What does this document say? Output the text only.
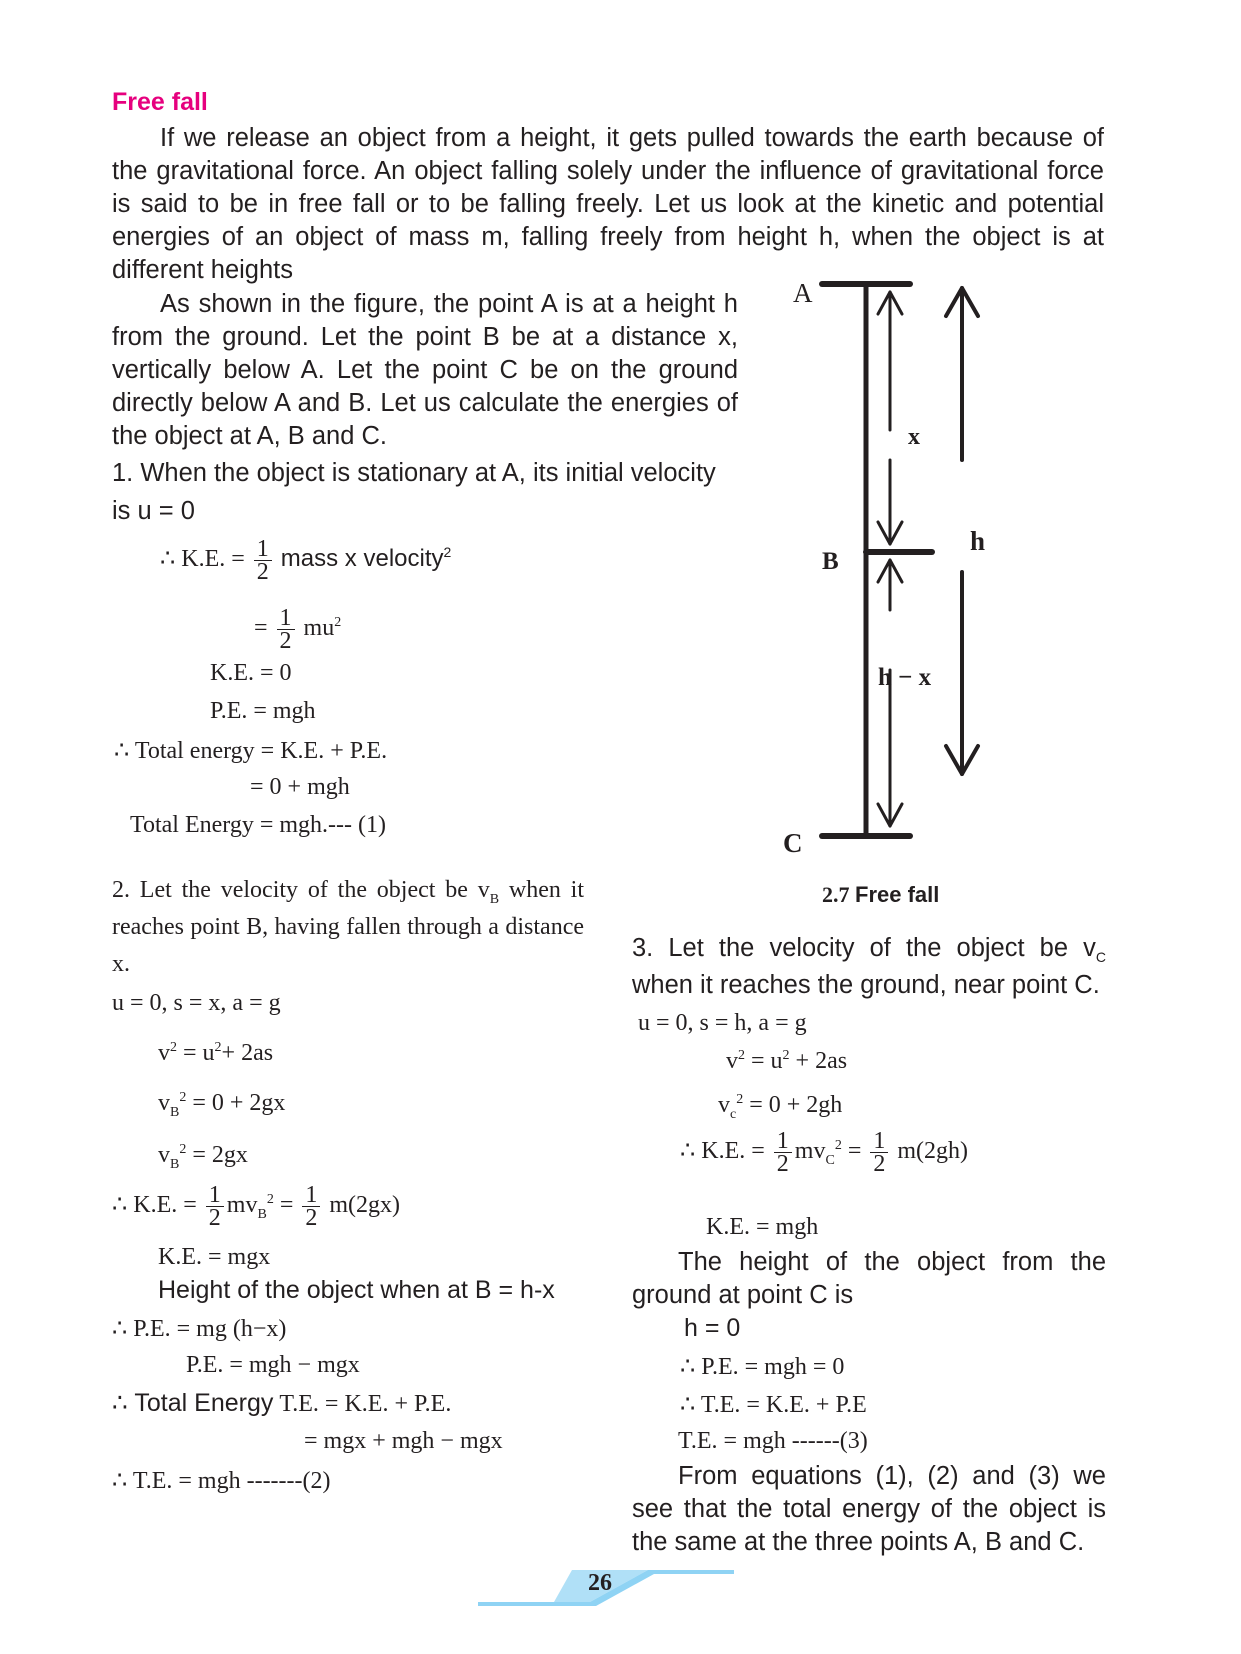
Free fall
If we release an object from a height, it gets pulled towards the earth because of the gravitational force. An object falling solely under the influence of gravitational force is said to be in free fall or to be falling freely. Let us look at the kinetic and potential energies of an object of mass m, falling freely from height h, when the object is at different heights
As shown in the figure, the point A is at a height h from the ground. Let the point B be at a distance x, vertically below A. Let the point C be on the ground directly below A and B. Let us calculate the energies of the object at A, B and C.
1. When the object is stationary at A, its initial velocity is u = 0
∴ K.E. = $\frac{1}{2}$ mass x velocity$^2$
= $\frac{1}{2} mu^2$
K.E. = 0
P.E. = mgh
∴ Total energy = K.E. + P.E.
= 0 + mgh
Total Energy = mgh.--- (1)
2. Let the velocity of the object be $v_B$ when it reaches point B, having fallen through a distance x.
u = 0, s = x, a = g
$v^2 = u^2+ 2as$
$v_B^2 = 0 + 2gx$
$v_B^2 = 2gx$
∴ K.E. = $\frac{1}{2} mv_B^2 = \frac{1}{2} m(2gx)$
K.E. = mgx
Height of the object when at B = h-x
∴ P.E. = mg (h−x)
P.E. = mgh − mgx
∴ Total Energy T.E. = K.E. + P.E.
= mgx + mgh − mgx
∴ T.E. = mgh -------(2)
A
B
C
x
h
h − x
2.7 Free fall
3. Let the velocity of the object be $v_C$ when it reaches the ground, near point C.
u = 0, s = h, a = g
$v^2 = u^2 + 2as$
$v_c^2 = 0 + 2gh$
∴ K.E. = $\frac{1}{2} mv_C^2 = \frac{1}{2} m(2gh)$
K.E. = mgh
The height of the object from the ground at point C is
h = 0
∴ P.E. = mgh = 0
∴ T.E. = K.E. + P.E
T.E. = mgh ------(3)
From equations (1), (2) and (3) we see that the total energy of the object is the same at the three points A, B and C.
26
